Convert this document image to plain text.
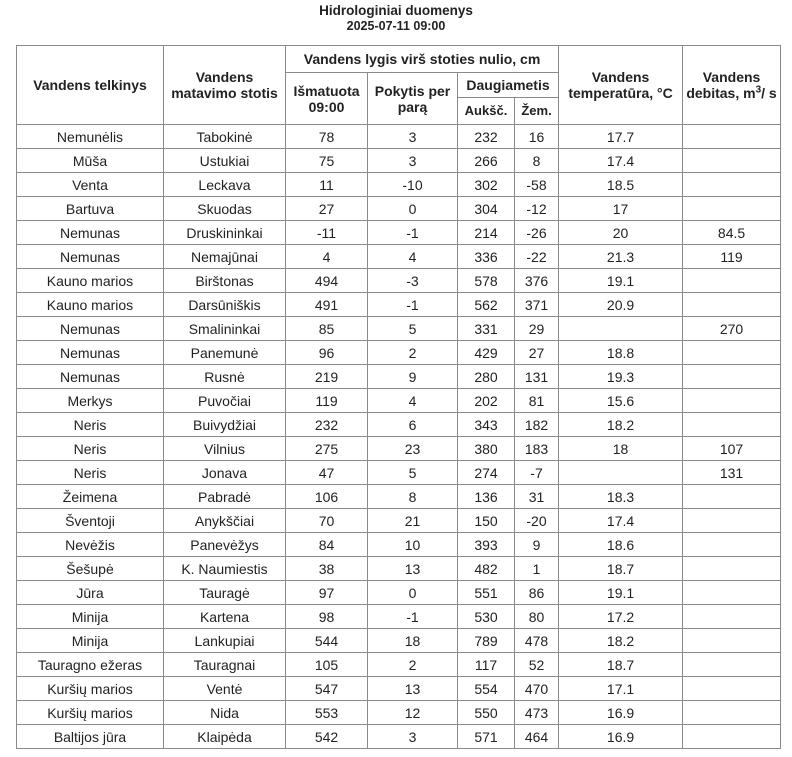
Hidrologiniai duomenys
2025-07-11 09:00
Vandens telkinys	Vandens matavimo stotis	Vandens lygis virš stoties nulio, cm				Vandens temperatūra, °C	Vandens debitas, $m^3/$ s
		Išmatuota 09:00	Pokytis per parą	Daugiametis			
				Aukšč.	Žem.		
Nemunėlis	Tabokinė	78	3	232	16	17.7	
Mūša	Ustukiai	75	3	266	8	17.4	
Venta	Leckava	11	-10	302	-58	18.5	
Bartuva	Skuodas	27	0	304	-12	17	
Nemunas	Druskininkai	-11	-1	214	-26	20	84.5
Nemunas	Nemajūnai	4	4	336	-22	21.3	119
Kauno marios	Birštonas	494	-3	578	376	19.1	
Kauno marios	Darsūniškis	491	-1	562	371	20.9	
Nemunas	Smalininkai	85	5	331	29		270
Nemunas	Panemunė	96	2	429	27	18.8	
Nemunas	Rusnė	219	9	280	131	19.3	
Merkys	Puvočiai	119	4	202	81	15.6	
Neris	Buivydžiai	232	6	343	182	18.2	
Neris	Vilnius	275	23	380	183	18	107
Neris	Jonava	47	5	274	-7		131
Žeimena	Pabradė	106	8	136	31	18.3	
Šventoji	Anykščiai	70	21	150	-20	17.4	
Nevėžis	Panevėžys	84	10	393	9	18.6	
Šešupė	K. Naumiestis	38	13	482	1	18.7	
Jūra	Tauragė	97	0	551	86	19.1	
Minija	Kartena	98	-1	530	80	17.2	
Minija	Lankupiai	544	18	789	478	18.2	
Tauragno ežeras	Tauragnai	105	2	117	52	18.7	
Kuršių marios	Ventė	547	13	554	470	17.1	
Kuršių marios	Nida	553	12	550	473	16.9	
Baltijos jūra	Klaipėda	542	3	571	464	16.9	
